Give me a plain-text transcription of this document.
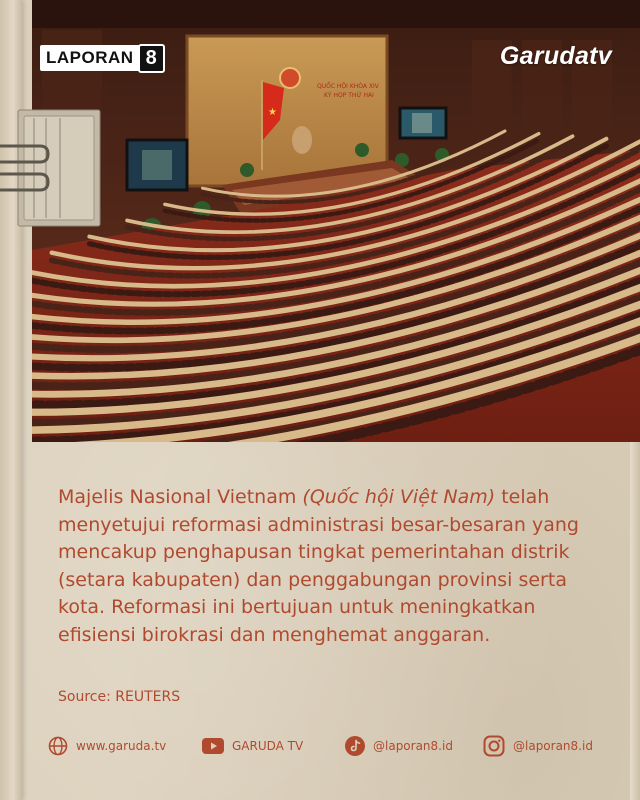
QUỐC HỘI KHÓA XIV
KỲ HỌP THỨ HAI
★
LAPORAN 8	Garudatv
Majelis Nasional Vietnam (Quốc hội Việt Nam) telah menyetujui reformasi administrasi besar-besaran yang mencakup penghapusan tingkat pemerintahan distrik (setara kabupaten) dan penggabungan provinsi serta kota. Reformasi ini bertujuan untuk meningkatkan efisiensi birokrasi dan menghemat anggaran.
Source: REUTERS
www.garuda.tv	GARUDA TV	@laporan8.id	@laporan8.id
